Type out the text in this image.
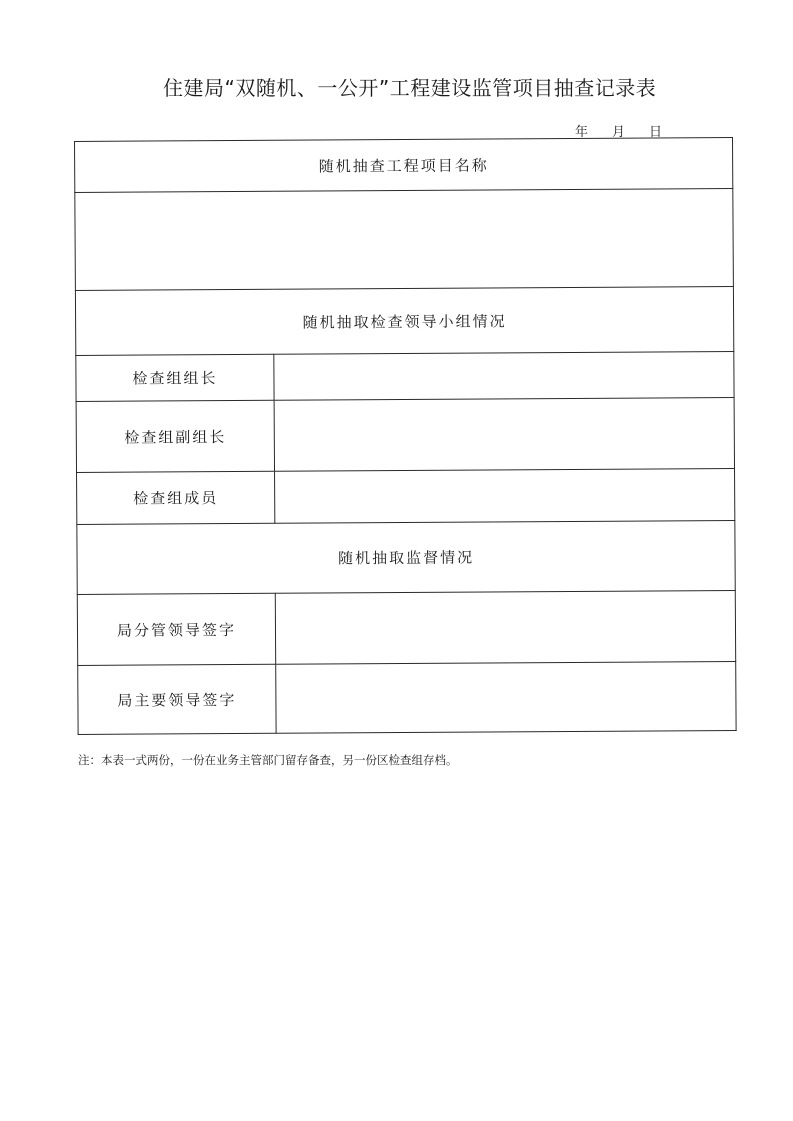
住建局“双随机、一公开”工程建设监管项目抽查记录表
年 月 日
随机抽查工程项目名称	

随机抽取检查领导小组情况	
检查组组长	
检查组副组长	
检查组成员	
随机抽取监督情况	
局分管领导签字	
局主要领导签字	
注：本表一式两份，一份在业务主管部门留存备查，另一份区检查组存档。
